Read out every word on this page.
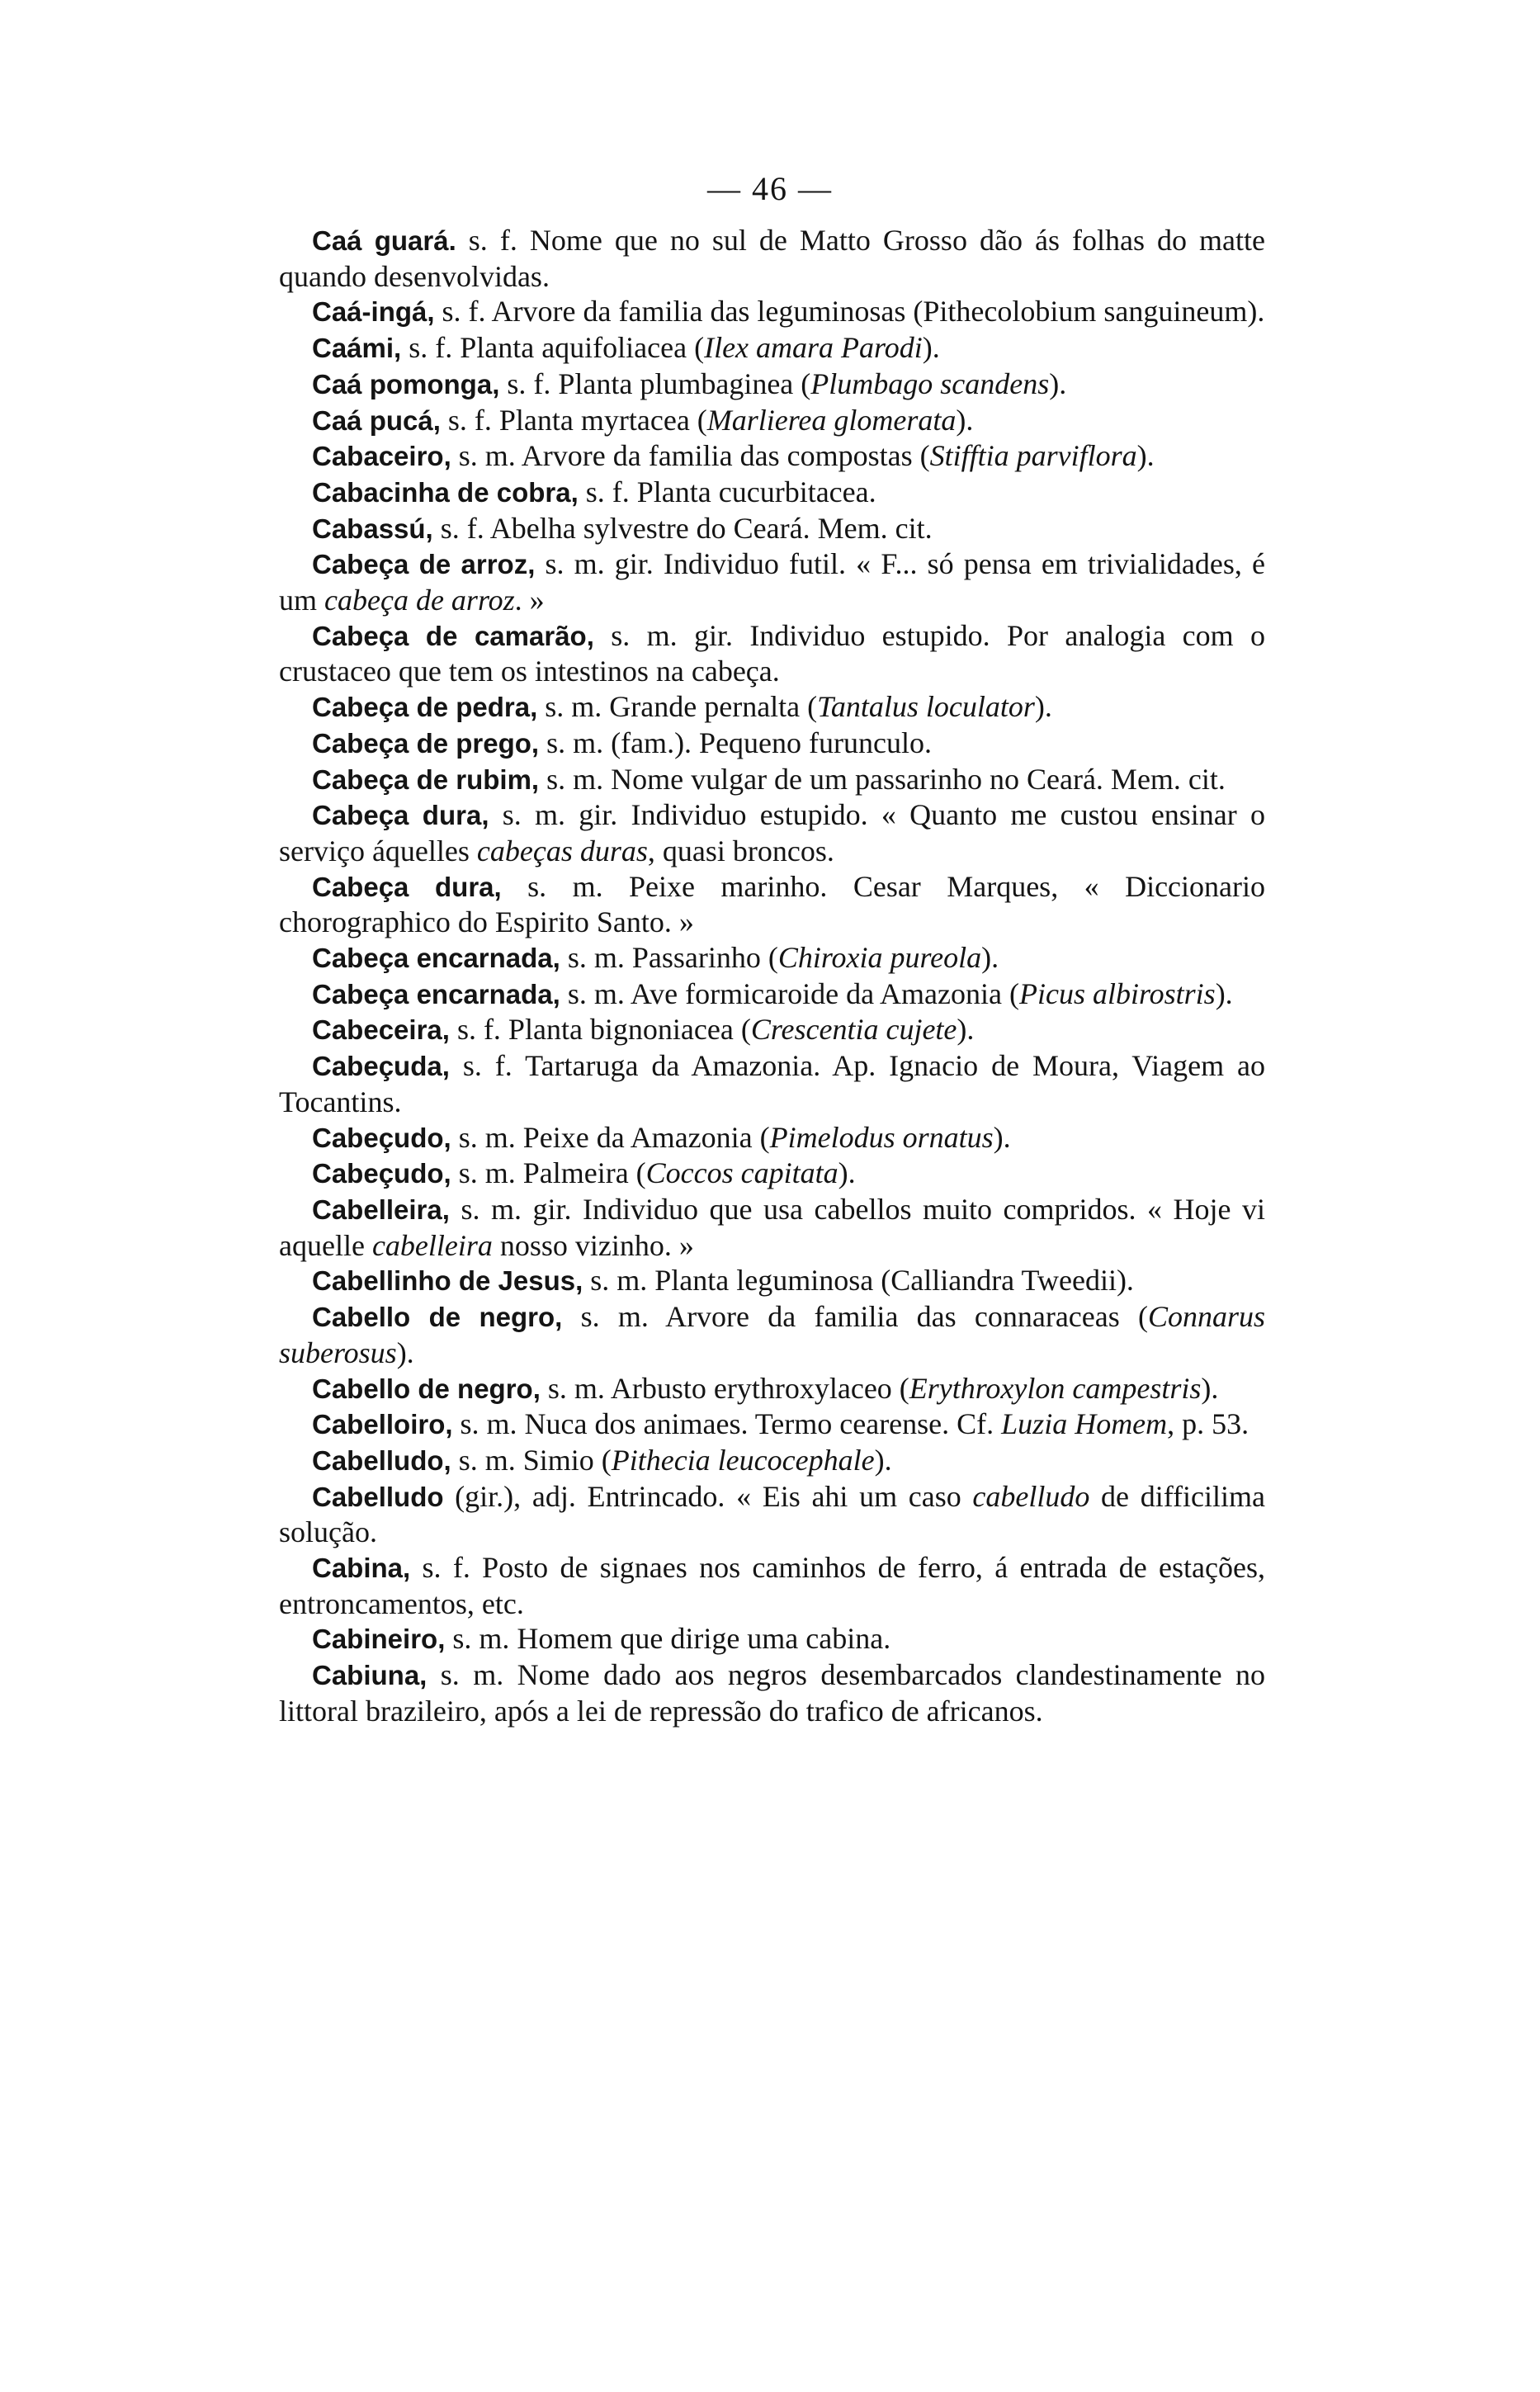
— 46 —

Caá guará. s. f. Nome que no sul de Matto Grosso dão ás folhas do matte quando desenvolvidas.

Caá-ingá, s. f. Arvore da familia das leguminosas (Pithecolobium sanguineum).

Caámi, s. f. Planta aquifoliacea (Ilex amara Parodi).

Caá pomonga, s. f. Planta plumbaginea (Plumbago scandens).

Caá pucá, s. f. Planta myrtacea (Marlierea glomerata).

Cabaceiro, s. m. Arvore da familia das compostas (Stifftia parviflora).

Cabacinha de cobra, s. f. Planta cucurbitacea.

Cabassú, s. f. Abelha sylvestre do Ceará. Mem. cit.

Cabeça de arroz, s. m. gir. Individuo futil. « F... só pensa em trivialidades, é um cabeça de arroz. »

Cabeça de camarão, s. m. gir. Individuo estupido. Por analogia com o crustaceo que tem os intestinos na cabeça.

Cabeça de pedra, s. m. Grande pernalta (Tantalus loculator).

Cabeça de prego, s. m. (fam.). Pequeno furunculo.

Cabeça de rubim, s. m. Nome vulgar de um passarinho no Ceará. Mem. cit.

Cabeça dura, s. m. gir. Individuo estupido. « Quanto me custou ensinar o serviço áquelles cabeças duras, quasi broncos.

Cabeça dura, s. m. Peixe marinho. Cesar Marques, « Diccionario chorographico do Espirito Santo. »

Cabeça encarnada, s. m. Passarinho (Chiroxia pureola).

Cabeça encarnada, s. m. Ave formicaroide da Amazonia (Picus albirostris).

Cabeceira, s. f. Planta bignoniacea (Crescentia cujete).

Cabeçuda, s. f. Tartaruga da Amazonia. Ap. Ignacio de Moura, Viagem ao Tocantins.

Cabeçudo, s. m. Peixe da Amazonia (Pimelodus ornatus).

Cabeçudo, s. m. Palmeira (Coccos capitata).

Cabelleira, s. m. gir. Individuo que usa cabellos muito compridos. « Hoje vi aquelle cabelleira nosso vizinho. »

Cabellinho de Jesus, s. m. Planta leguminosa (Calliandra Tweedii).

Cabello de negro, s. m. Arvore da familia das connaraceas (Connarus suberosus).

Cabello de negro, s. m. Arbusto erythroxylaceo (Erythroxylon campestris).

Cabelloiro, s. m. Nuca dos animaes. Termo cearense. Cf. Luzia Homem, p. 53.

Cabelludo, s. m. Simio (Pithecia leucocephale).

Cabelludo (gir.), adj. Entrincado. « Eis ahi um caso cabelludo de difficilima solução.

Cabina, s. f. Posto de signaes nos caminhos de ferro, á entrada de estações, entroncamentos, etc.

Cabineiro, s. m. Homem que dirige uma cabina.

Cabiuna, s. m. Nome dado aos negros desembarcados clandestinamente no littoral brazileiro, após a lei de repressão do trafico de africanos.
